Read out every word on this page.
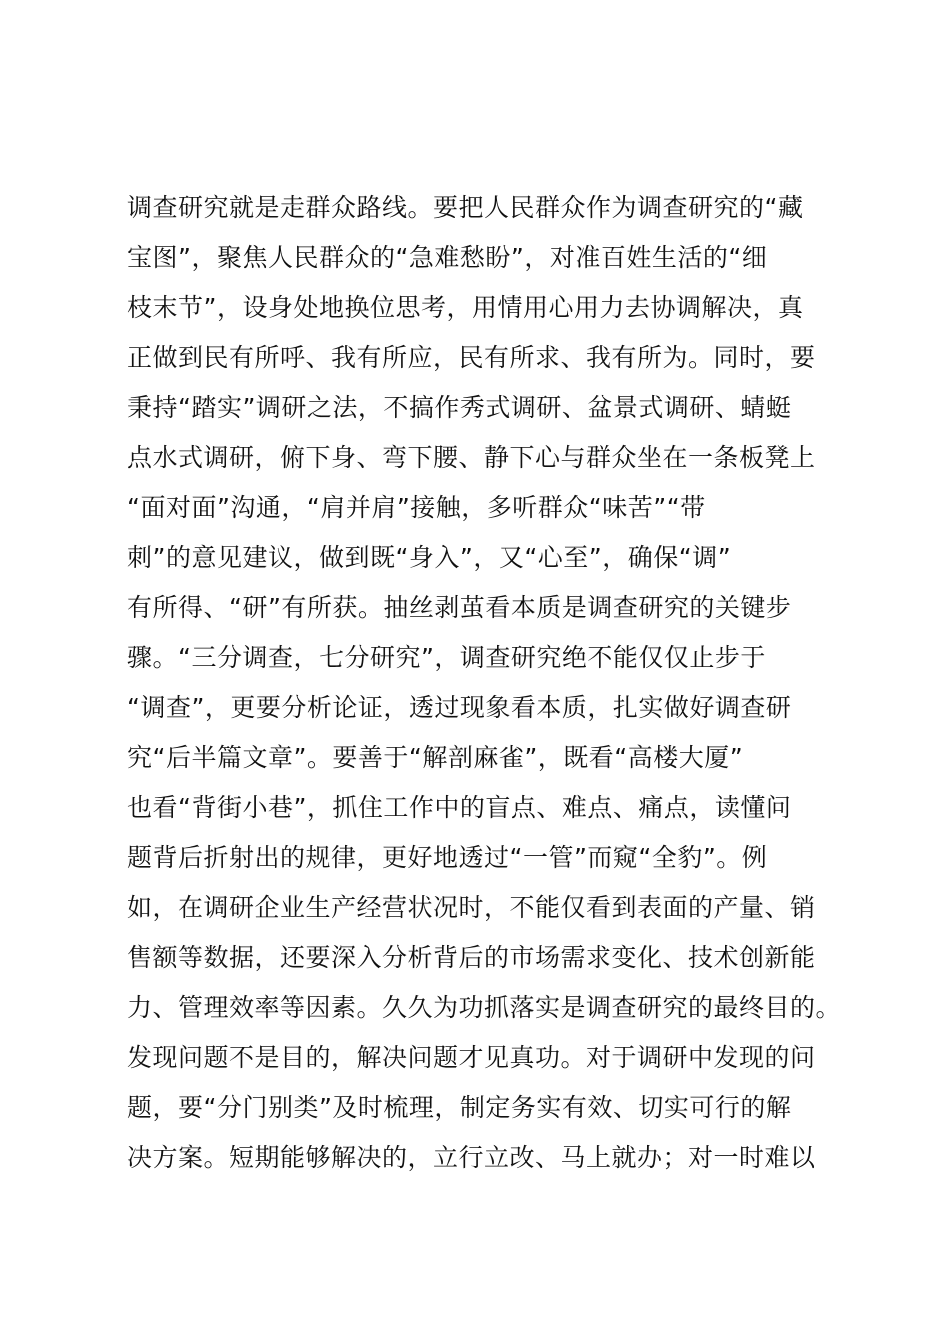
调查研究就是走群众路线。要把人民群众作为调查研究的“藏
宝图”，聚焦人民群众的“急难愁盼”，对准百姓生活的“细
枝末节”，设身处地换位思考，用情用心用力去协调解决，真
正做到民有所呼、我有所应，民有所求、我有所为。同时，要
秉持“踏实”调研之法，不搞作秀式调研、盆景式调研、蜻蜓
点水式调研，俯下身、弯下腰、静下心与群众坐在一条板凳上
“面对面”沟通，“肩并肩”接触，多听群众“味苦”“带
刺”的意见建议，做到既“身入”，又“心至”，确保“调”
有所得、“研”有所获。抽丝剥茧看本质是调查研究的关键步
骤。“三分调查，七分研究”，调查研究绝不能仅仅止步于
“调查”，更要分析论证，透过现象看本质，扎实做好调查研
究“后半篇文章”。要善于“解剖麻雀”，既看“高楼大厦”
也看“背街小巷”，抓住工作中的盲点、难点、痛点，读懂问
题背后折射出的规律，更好地透过“一管”而窥“全豹”。例
如，在调研企业生产经营状况时，不能仅看到表面的产量、销
售额等数据，还要深入分析背后的市场需求变化、技术创新能
力、管理效率等因素。久久为功抓落实是调查研究的最终目的。
发现问题不是目的，解决问题才见真功。对于调研中发现的问
题，要“分门别类”及时梳理，制定务实有效、切实可行的解
决方案。短期能够解决的，立行立改、马上就办；对一时难以
